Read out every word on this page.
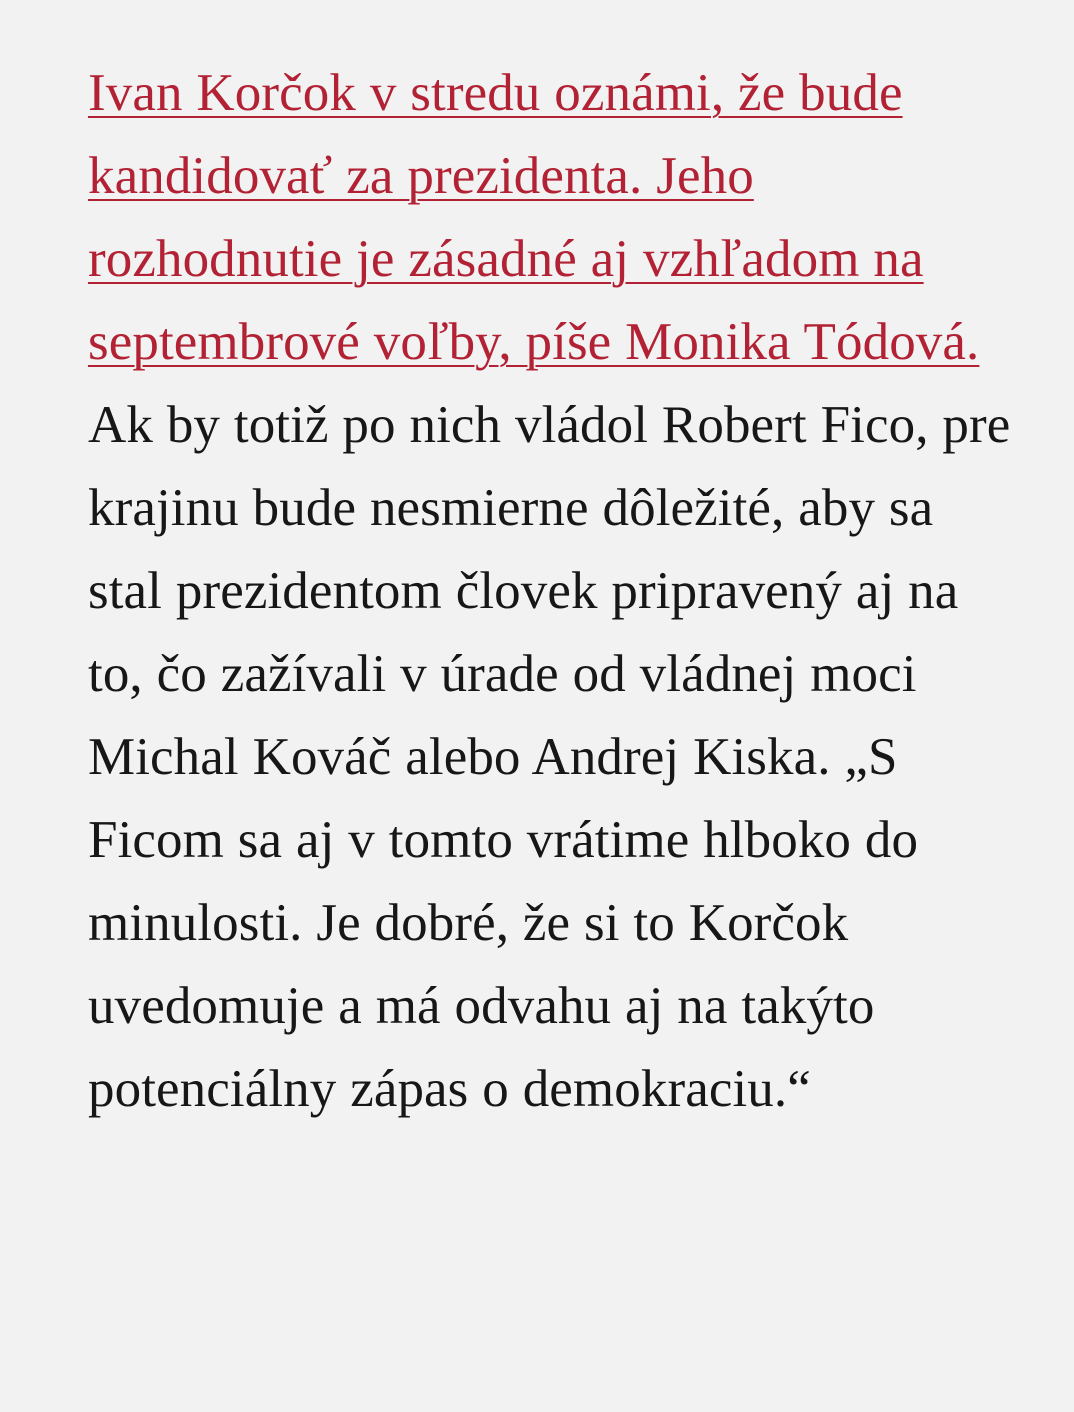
Ivan Korčok v stredu oznámi, že bude kandidovať za prezidenta. Jeho rozhodnutie je zásadné aj vzhľadom na septembrové voľby, píše Monika Tódová. Ak by totiž po nich vládol Robert Fico, pre krajinu bude nesmierne dôležité, aby sa stal prezidentom človek pripravený aj na to, čo zažívali v úrade od vládnej moci Michal Kováč alebo Andrej Kiska. „S Ficom sa aj v tomto vrátime hlboko do minulosti. Je dobré, že si to Korčok uvedomuje a má odvahu aj na takýto potenciálny zápas o demokraciu.“
